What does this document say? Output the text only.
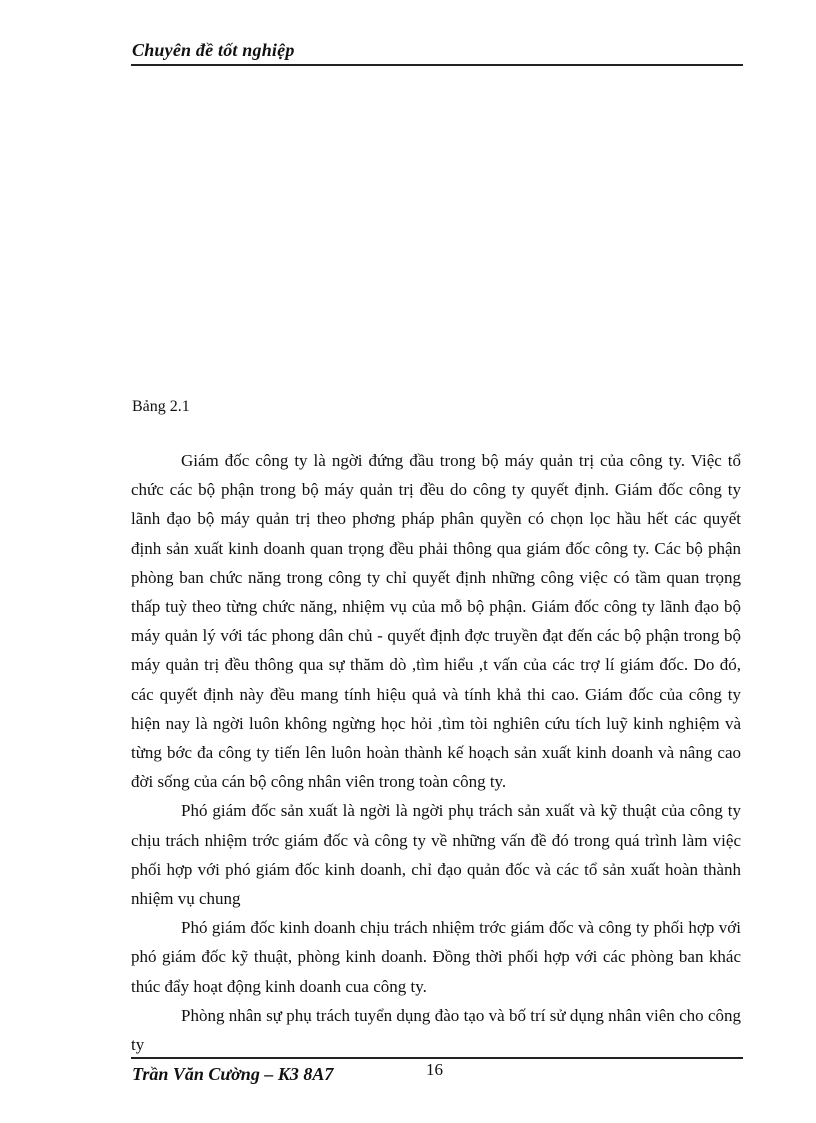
Chuyên đề tốt nghiệp
Bảng 2.1

Giám đốc công ty là ngời đứng đầu trong bộ máy quản trị của công ty. Việc tổ chức các bộ phận trong bộ máy quản trị đều do công ty quyết định. Giám đốc công ty lãnh đạo bộ máy quản trị theo phơng pháp phân quyền có chọn lọc hầu hết các quyết định sản xuất kinh doanh quan trọng đều phải thông qua giám đốc công ty. Các bộ phận phòng ban chức năng trong công ty chỉ quyết định những công việc có tầm quan trọng thấp tuỳ theo từng chức năng, nhiệm vụ của mỗ bộ phận. Giám đốc công ty lãnh đạo bộ máy quản lý với tác phong dân chủ - quyết định đợc truyền đạt đến các bộ phận trong bộ máy quản trị đều thông qua sự thăm dò ,tìm hiểu ,t vấn của các trợ lí giám đốc. Do đó, các quyết định này đều mang tính hiệu quả và tính khả thi cao. Giám đốc của công ty hiện nay là ngời luôn không ngừng học hỏi ,tìm tòi nghiên cứu tích luỹ kinh nghiệm và từng bớc đa công ty tiến lên luôn hoàn thành kế hoạch sản xuất kinh doanh và nâng cao đời sống của cán bộ công nhân viên trong toàn công ty.

Phó giám đốc sản xuất là ngời là ngời phụ trách sản xuất và kỹ thuật của công ty chịu trách nhiệm trớc giám đốc và công ty về những vấn đề đó trong quá trình làm việc phối hợp với phó giám đốc kinh doanh, chỉ đạo quản đốc và các tổ sản xuất hoàn thành nhiệm vụ chung

Phó giám đốc kinh doanh chịu trách nhiệm trớc giám đốc và công ty phối hợp với phó giám đốc kỹ thuật, phòng kinh doanh. Đồng thời phối hợp với các phòng ban khác thúc đẩy hoạt động kinh doanh cua công ty.

Phòng nhân sự phụ trách tuyển dụng đào tạo và bố trí sử dụng nhân viên cho công ty

Trần Văn Cường – K3 8A7	16
